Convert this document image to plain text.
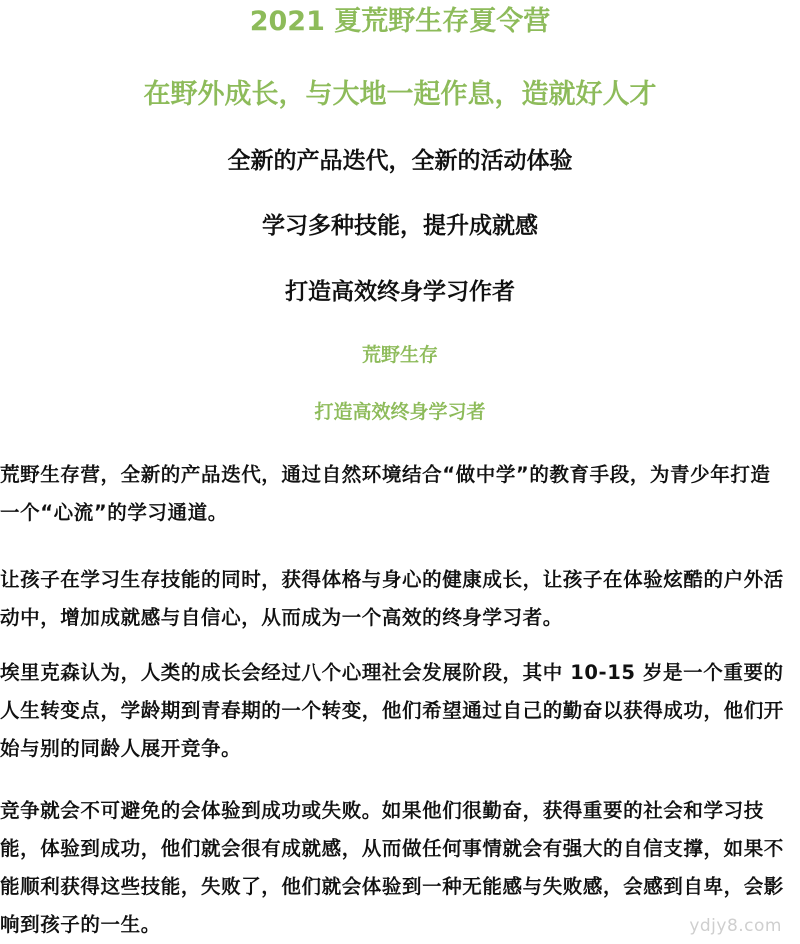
2021 夏荒野生存夏令营
在野外成长，与大地一起作息，造就好人才
全新的产品迭代，全新的活动体验
学习多种技能，提升成就感
打造高效终身学习作者
荒野生存
打造高效终身学习者

荒野生存营，全新的产品迭代，通过自然环境结合“做中学”的教育手段，为青少年打造一个“心流”的学习通道。

让孩子在学习生存技能的同时，获得体格与身心的健康成长，让孩子在体验炫酷的户外活动中，增加成就感与自信心，从而成为一个高效的终身学习者。

埃里克森认为，人类的成长会经过八个心理社会发展阶段，其中 10-15 岁是一个重要的人生转变点，学龄期到青春期的一个转变，他们希望通过自己的勤奋以获得成功，他们开始与别的同龄人展开竞争。

竞争就会不可避免的会体验到成功或失败。如果他们很勤奋，获得重要的社会和学习技能，体验到成功，他们就会很有成就感，从而做任何事情就会有强大的自信支撑，如果不能顺利获得这些技能，失败了，他们就会体验到一种无能感与失败感，会感到自卑，会影响到孩子的一生。	ydjy8.com
